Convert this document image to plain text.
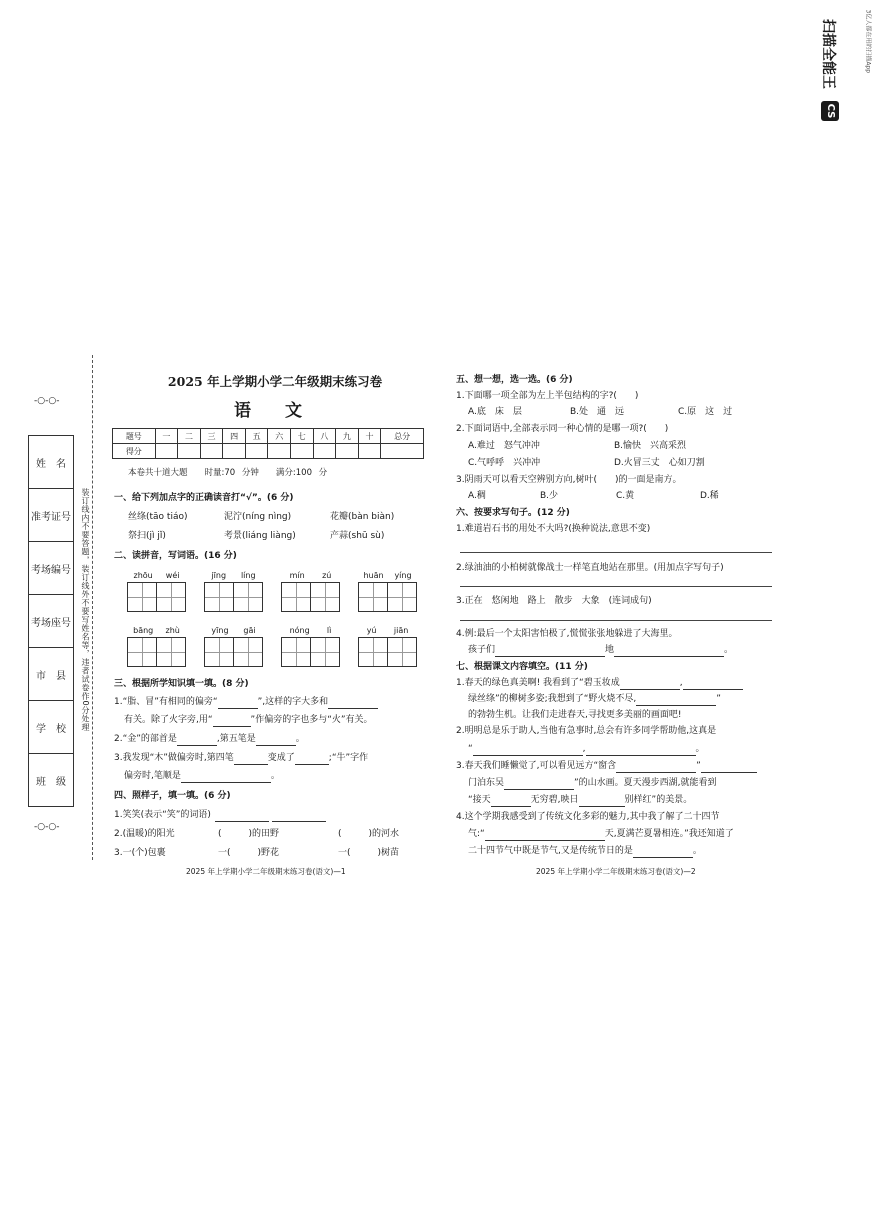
CS
扫描全能王	3亿人都在用的扫描App
-○-○-
-○-○-
姓　名
准考证号
考场编号
考场座号
市　县
学　校
班　级
装订线内不要答题，装订线外不要写姓名等，违者试卷作0分处理
2025 年上学期小学二年级期末练习卷
语 文
题号	一	二	三	四	五	六	七	八	九	十	总分
得分											
本卷共十道大题　　时量:70 分钟　　满分:100 分
一、给下列加点字的正确读音打“√”。(6 分)
丝绦(tāo tiáo)	泥泞(níng nìng)	花瓣(bàn biàn)
祭扫(jì jǐ)	考景(liáng liàng)	产蒜(shū sù)
二、读拼音，写词语。(16 分)
zhōu wéi	jīng líng	mín zú	huān yíng
bāng zhù	yīng gāi	nóng lì	yú jiān
三、根据所学知识填一填。(8 分)
1.“脂、冒”有相同的偏旁“	”,这样的字大多和
有关。除了火字旁,用“	”作偏旁的字也多与“火”有关。
2.“金”的部首是	,第五笔是	。
3.我发现“木”做偏旁时,第四笔	变成了	;“牛”字作
偏旁时,笔顺是	。
四、照样子，填一填。(6 分)
1.笑笑(表示“笑”的词语)
2.(温暖)的阳光	(　　　)的田野	(　　　)的河水
3.一(个)包裹	一(　　　)野花	一(　　　)树苗
2025 年上学期小学二年级期末练习卷(语文)—1
五、想一想，选一选。(6 分)
1.下面哪一项全部为左上半包结构的字?(　　)
A.底　床　层	B.处　通　远	C.原　这　过
2.下面词语中,全部表示同一种心情的是哪一项?(　　)
A.难过　怒气冲冲	B.愉快　兴高采烈
C.气呼呼　兴冲冲	D.火冒三丈　心如刀割
3.阴雨天可以看天空辨别方向,树叶(　　)的一面是南方。
A.稠	B.少	C.黄	D.稀
六、按要求写句子。(12 分)
1.难道岩石书的用处不大吗?(换种说法,意思不变)
2.绿油油的小柏树就像战士一样笔直地站在那里。(用加点字写句子)
3.正在　悠闲地　路上　散步　大象　(连词成句)
4.例:最后一个太阳害怕极了,慌慌张张地躲进了大海里。
孩子们	地	。
七、根据课文内容填空。(11 分)
1.春天的绿色真美啊! 我看到了“碧玉妆成	,
绿丝绦”的柳树多姿;我想到了“野火烧不尽,	”
的勃勃生机。让我们走进春天,寻找更多美丽的画面吧!
2.明明总是乐于助人,当他有急事时,总会有许多同学帮助他,这真是
“	,	。
3.春天我们睡懒觉了,可以看见远方“窗含	”
门泊东吴	”的山水画。夏天漫步西湖,就能看到
“接天	无穷碧,映日	别样红”的美景。
4.这个学期我感受到了传统文化多彩的魅力,其中我了解了二十四节
气:“	天,夏满芒夏暑相连。”我还知道了
二十四节气中既是节气,又是传统节日的是	。
2025 年上学期小学二年级期末练习卷(语文)—2
